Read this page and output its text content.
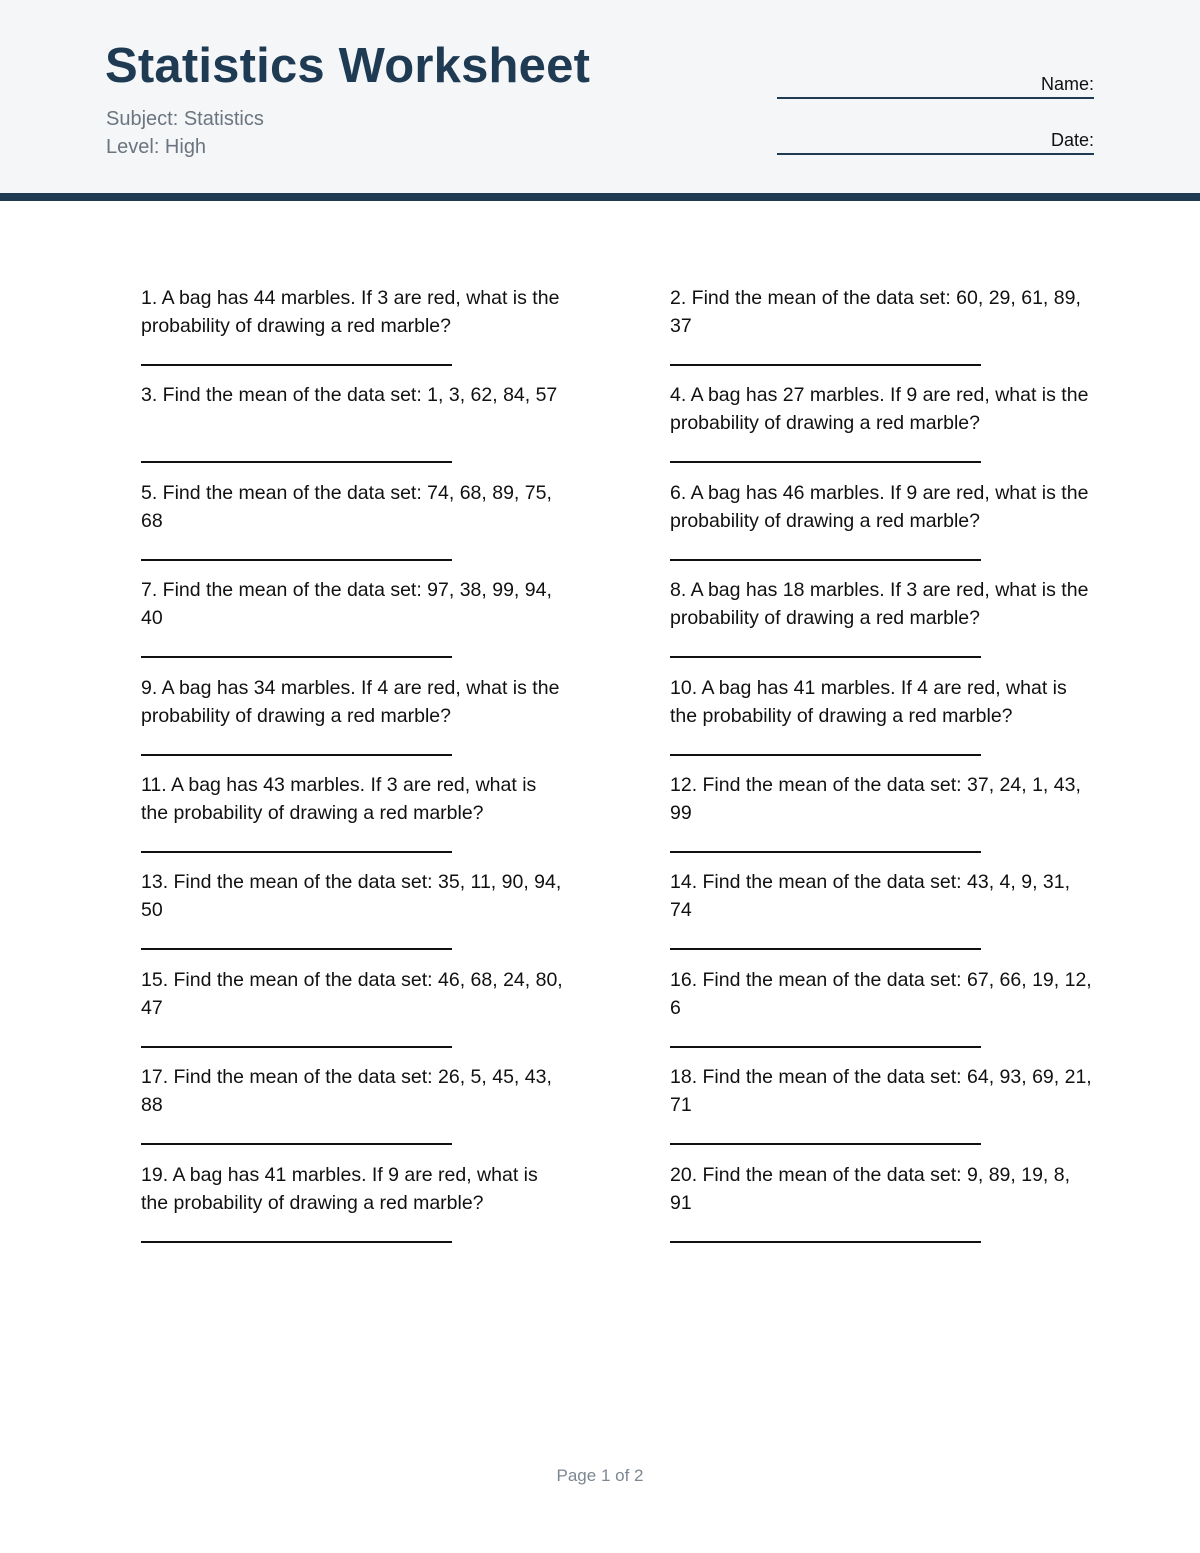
Statistics Worksheet
Subject: Statistics
Level: High
Name:
Date:
1. A bag has 44 marbles. If 3 are red, what is the probability of drawing a red marble?
2. Find the mean of the data set: 60, 29, 61, 89, 37
3. Find the mean of the data set: 1, 3, 62, 84, 57	4. A bag has 27 marbles. If 9 are red, what is the probability of drawing a red marble?
5. Find the mean of the data set: 74, 68, 89, 75, 68
6. A bag has 46 marbles. If 9 are red, what is the probability of drawing a red marble?
7. Find the mean of the data set: 97, 38, 99, 94, 40
8. A bag has 18 marbles. If 3 are red, what is the probability of drawing a red marble?
9. A bag has 34 marbles. If 4 are red, what is the probability of drawing a red marble?
10. A bag has 41 marbles. If 4 are red, what is the probability of drawing a red marble?
11. A bag has 43 marbles. If 3 are red, what is the probability of drawing a red marble?
12. Find the mean of the data set: 37, 24, 1, 43, 99
13. Find the mean of the data set: 35, 11, 90, 94, 50
14. Find the mean of the data set: 43, 4, 9, 31, 74
15. Find the mean of the data set: 46, 68, 24, 80, 47
16. Find the mean of the data set: 67, 66, 19, 12, 6
17. Find the mean of the data set: 26, 5, 45, 43, 88
18. Find the mean of the data set: 64, 93, 69, 21, 71
19. A bag has 41 marbles. If 9 are red, what is the probability of drawing a red marble?
20. Find the mean of the data set: 9, 89, 19, 8, 91
Page 1 of 2
